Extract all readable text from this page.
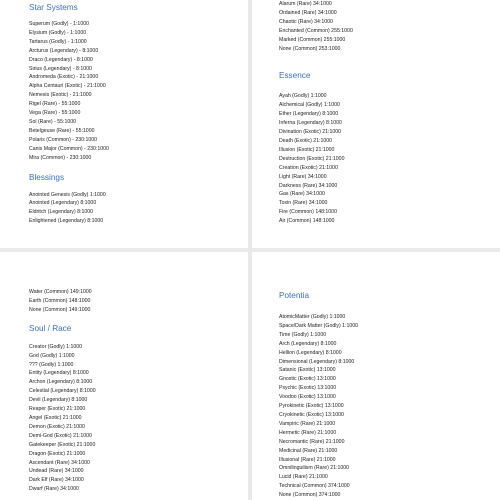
Star Systems
Superum (Godly) - 1:1000
Elysium (Godly) - 1:1000
Tartarus (Godly) - 1:1000
Arcturus (Legendary) - 8:1000
Draco (Legendary) - 8:1000
Sirius (Legendary) - 8:1000
Andromeda (Exotic) - 21:1000
Alpha Centauri (Exotic) - 21:1000
Nemesis (Exotic) - 21:1000
Rigel (Rare) - 55:1000
Vega (Rare) - 55:1000
Sol (Rare) - 55:1000
Betelgeuse (Rare) - 55:1000
Polaris (Common) - 230:1000
Canis Major (Common) - 230:1000
Mira (Common) - 230:1000
Blessings
Anointed Genesis (Godly) 1:1000
Anointed (Legendary) 8:1000
Eldritch (Legendary) 8:1000
Enlightened (Legendary) 8:1000
Alarum (Rare) 34:1000
Ordained (Rare) 34:1000
Chaotic (Rare) 34:1000
Enchanted (Common) 255:1000
Marked (Common) 255:1000
None (Common) 253:1000
Essence
Ayah (Godly) 1:1000
Alchemical (Godly) 1:1000
Ether (Legendary) 8:1000
Inferna (Legendary) 8:1000
Divination (Exotic) 21:1000
Death (Exotic) 21:1000
Illusion (Exotic) 21:1000
Destruction (Exotic) 21:1000
Creation (Exotic) 21:1000
Light (Rare) 34:1000
Darkness (Rare) 34:1000
Gas (Rare) 34:1000
Toxin (Rare) 34:1000
Fire (Common) 148:1000
Air (Common) 148:1000
Water (Common) 149:1000
Earth (Common) 148:1000
None (Common) 149:1000
Soul / Race
Creator (Godly) 1:1000
God (Godly) 1:1000
??? (Godly) 1:1000
Entity (Legendary) 8:1000
Archon (Legendary) 8:1000
Celestial (Legendary) 8:1000
Devil (Legendary) 8:1000
Reaper (Exotic) 21:1000
Angel (Exotic) 21:1000
Demon (Exotic) 21:1000
Demi-God (Exotic) 21:1000
Gatekeeper (Exotic) 21:1000
Dragon (Exotic) 21:1000
Ascendant (Rare) 34:1000
Undead (Rare) 34:1000
Dark Elf (Rare) 34:1000
Dwarf (Rare) 34:1000
Potentia
AtomicMatter (Godly) 1:1000
Space/Dark Matter (Godly) 1:1000
Time (Godly) 1:1000
Arch (Legendary) 8:1000
Hellion (Legendary) 8:1000
Dimensional (Legendary) 8:1000
Satanic (Exotic) 13:1000
Gnostic (Exotic) 13:1000
Psychic (Exotic) 13:1000
Voodoo (Exotic) 13:1000
Pyrokinetic (Exotic) 13:1000
Cryokinetic (Exotic) 13:1000
Vampiric (Rare) 21:1000
Hermetic (Rare) 21:1000
Necromantic (Rare) 21:1000
Medicinal (Rare) 21:1000
Illusional (Rare) 21:1000
Omnilinguilism (Rare) 21:1000
Lucid (Rare) 21:1000
Technical (Common) 374:1000
None (Common) 374:1000
